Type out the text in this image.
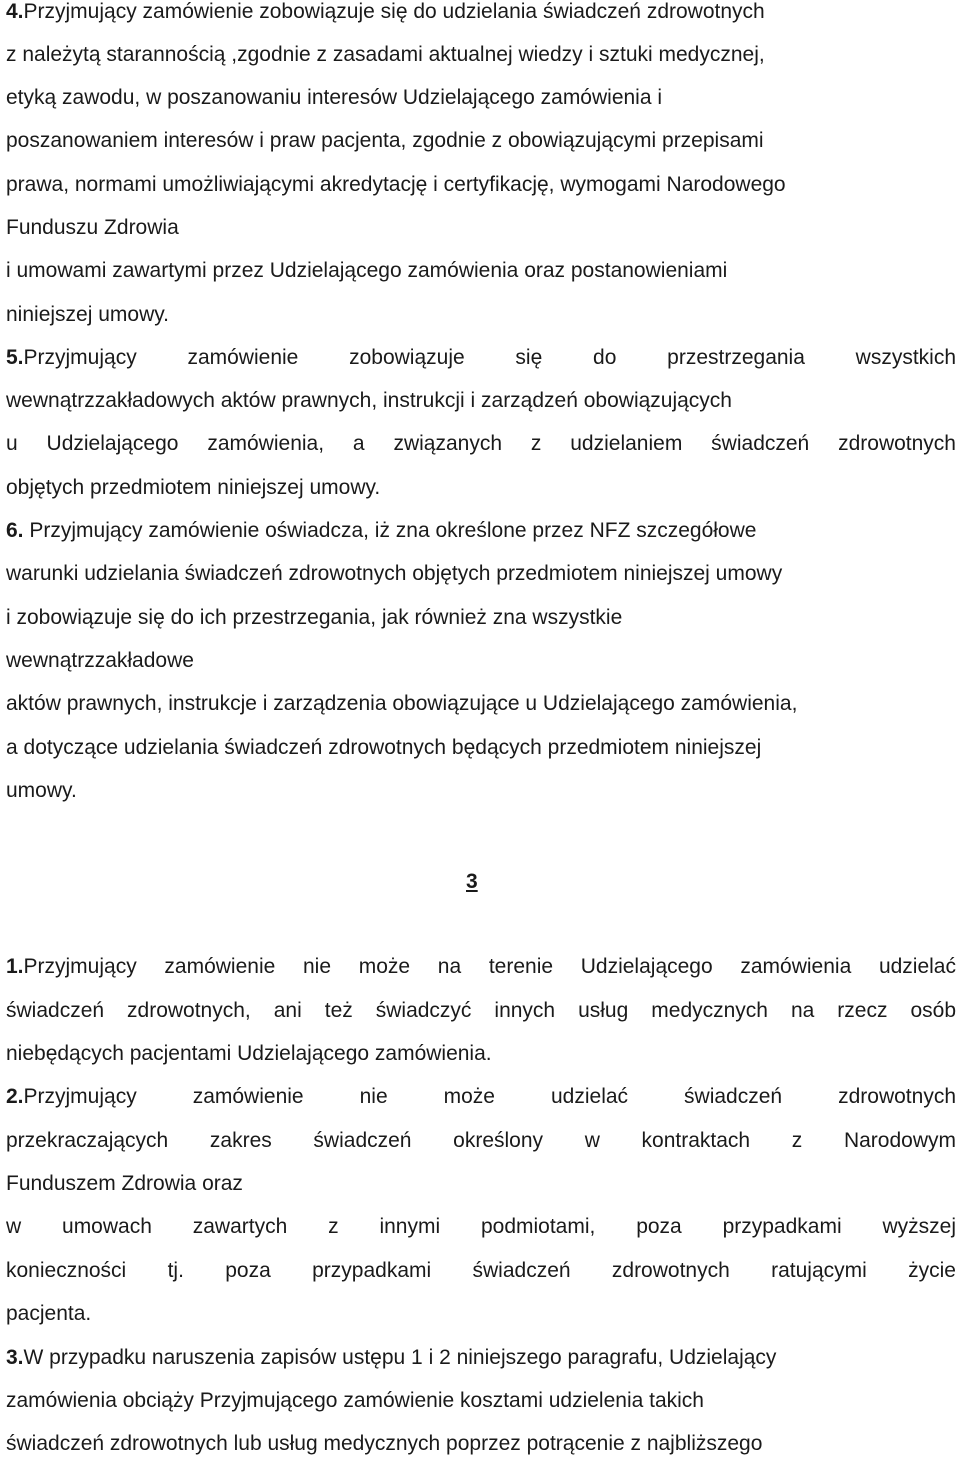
4.Przyjmujący zamówienie zobowiązuje się do udzielania świadczeń zdrowotnych
z należytą starannością ,zgodnie z zasadami aktualnej wiedzy i sztuki medycznej,
etyką zawodu, w poszanowaniu interesów Udzielającego zamówienia i
poszanowaniem interesów i praw pacjenta, zgodnie z obowiązującymi przepisami
prawa, normami umożliwiającymi akredytację i certyfikację, wymogami Narodowego
Funduszu Zdrowia
i umowami zawartymi przez Udzielającego zamówienia oraz postanowieniami
niniejszej umowy.
5.Przyjmujący zamówienie zobowiązuje się do przestrzegania wszystkich
wewnątrzzakładowych aktów prawnych, instrukcji i zarządzeń obowiązujących
u Udzielającego zamówienia, a związanych z udzielaniem świadczeń zdrowotnych
objętych przedmiotem niniejszej umowy.
6. Przyjmujący zamówienie oświadcza, iż zna określone przez NFZ szczegółowe
warunki udzielania świadczeń zdrowotnych objętych przedmiotem niniejszej umowy
i zobowiązuje się do ich przestrzegania, jak również zna wszystkie
wewnątrzzakładowe
aktów prawnych, instrukcje i zarządzenia obowiązujące u Udzielającego zamówienia,
a dotyczące udzielania świadczeń zdrowotnych będących przedmiotem niniejszej
umowy.
3
1.Przyjmujący zamówienie nie może na terenie Udzielającego zamówienia udzielać
świadczeń zdrowotnych, ani też świadczyć innych usług medycznych na rzecz osób
niebędących pacjentami Udzielającego zamówienia.
2.Przyjmujący zamówienie nie może udzielać świadczeń zdrowotnych
przekraczających zakres świadczeń określony w kontraktach z Narodowym
Funduszem Zdrowia oraz
w umowach zawartych z innymi podmiotami, poza przypadkami wyższej
konieczności tj. poza przypadkami świadczeń zdrowotnych ratującymi życie
pacjenta.
3.W przypadku naruszenia zapisów ustępu 1 i 2 niniejszego paragrafu, Udzielający
zamówienia obciąży Przyjmującego zamówienie kosztami udzielenia takich
świadczeń zdrowotnych lub usług medycznych poprzez potrącenie z najbliższego
